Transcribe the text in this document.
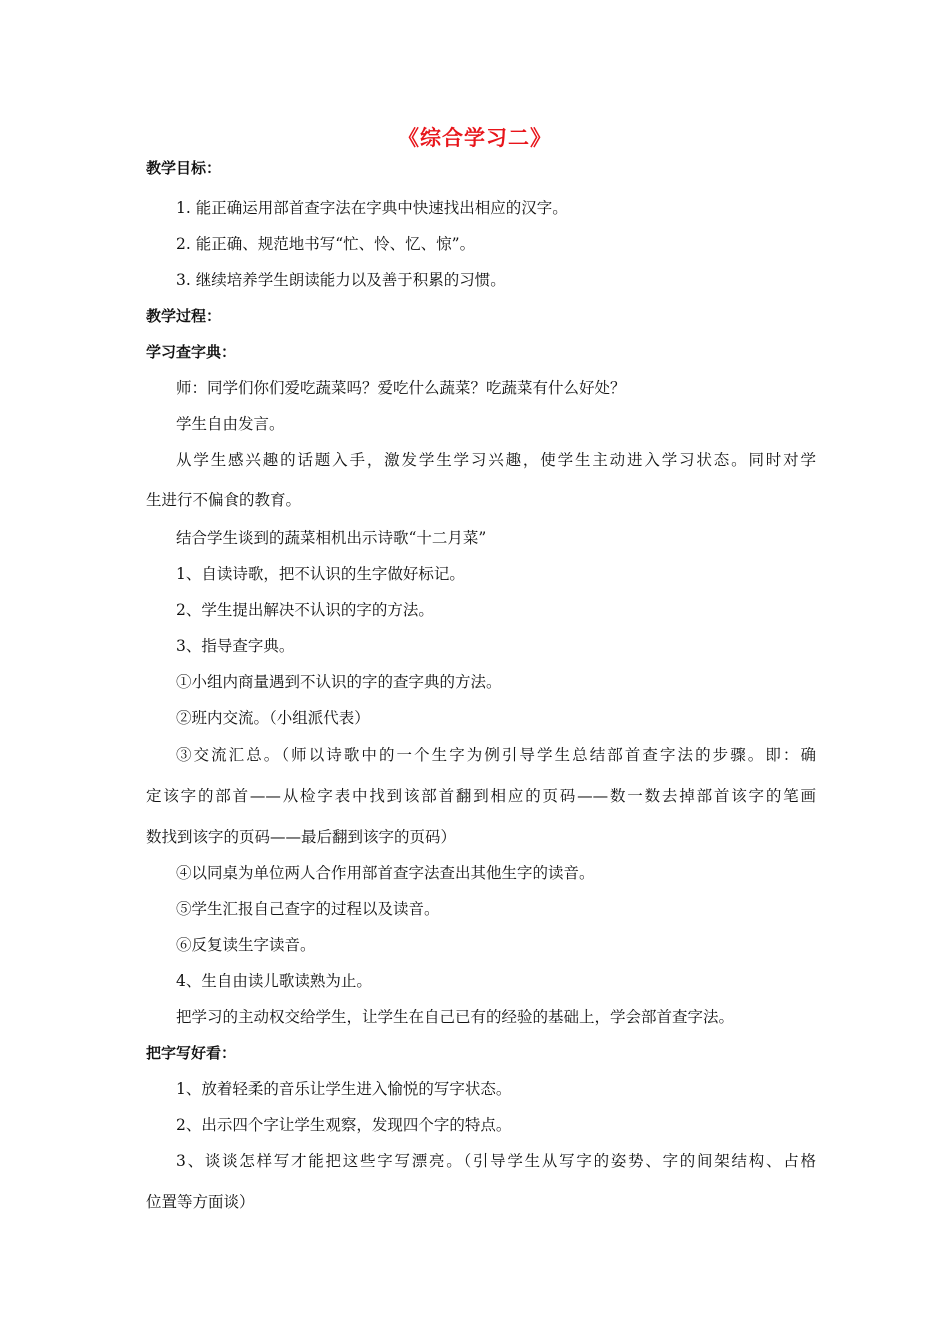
《综合学习二》
教学目标：
1. 能正确运用部首查字法在字典中快速找出相应的汉字。
2. 能正确、规范地书写“忙、怜、忆、惊”。
3. 继续培养学生朗读能力以及善于积累的习惯。
教学过程：
学习查字典：
师：同学们你们爱吃蔬菜吗？爱吃什么蔬菜？吃蔬菜有什么好处？
学生自由发言。
从学生感兴趣的话题入手，激发学生学习兴趣，使学生主动进入学习状态。同时对学
生进行不偏食的教育。
结合学生谈到的蔬菜相机出示诗歌“十二月菜”
1、自读诗歌，把不认识的生字做好标记。
2、学生提出解决不认识的字的方法。
3、指导查字典。
①小组内商量遇到不认识的字的查字典的方法。
②班内交流。（小组派代表）
③交流汇总。（师以诗歌中的一个生字为例引导学生总结部首查字法的步骤。即：确
定该字的部首——从检字表中找到该部首翻到相应的页码——数一数去掉部首该字的笔画
数找到该字的页码——最后翻到该字的页码）
④以同桌为单位两人合作用部首查字法查出其他生字的读音。
⑤学生汇报自己查字的过程以及读音。
⑥反复读生字读音。
4、生自由读儿歌读熟为止。
把学习的主动权交给学生，让学生在自己已有的经验的基础上，学会部首查字法。
把字写好看：
1、放着轻柔的音乐让学生进入愉悦的写字状态。
2、出示四个字让学生观察，发现四个字的特点。
3、谈谈怎样写才能把这些字写漂亮。（引导学生从写字的姿势、字的间架结构、占格
位置等方面谈）
